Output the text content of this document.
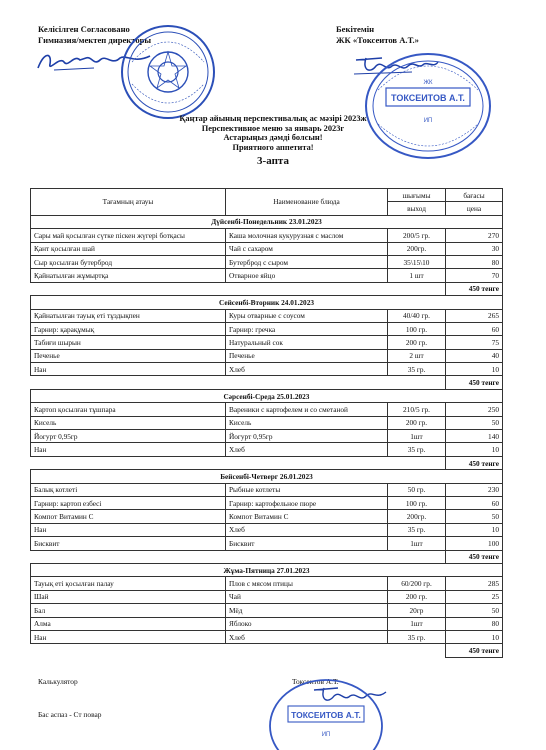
Келісілген Согласовано
Гимназия/мектеп директоры
Бекітемін
ЖК «Токсеитов А.Т.»
ЖК
ТОКСЕИТОВ А.Т.
ИП
Қаңтар айының перспективалық ас мәзірі 2023ж
Перспективное меню за январь 2023г
Астарыңыз дәмді болсын!
Приятного аппетита!
3-апта
Тағамның атауы	Наименование блюда	шығымы	бағасы
		выход	цена
Дүйсенбі-Понедельник 23.01.2023			
Сары май қосылған сүтке піскен жүгері ботқасы	Каша молочная кукурузная с маслом	200/5 гр.	270
Қант қосылған шай	Чай с сахаром	200гр.	30
Сыр қосылған бутерброд	Бутерброд с сыром	35\15\10	80
Қайнатылған жұмыртқа	Отварное яйцо	1 шт	70
			450 тенге
Сейсенбі-Вторник 24.01.2023			
Қайнатылған тауық еті тұздықпен	Куры отварные с соусом	40/40 гр.	265
Гарнир: қарақұмық	Гарнир: гречка	100 гр.	60
Табиғи шырын	Натуральный сок	200 гр.	75
Печенье	Печенье	2 шт	40
Нан	Хлеб	35 гр.	10
			450 тенге
Сәрсенбі-Среда 25.01.2023			
Картоп қосылған тұшпара	Вареники с картофелем и со сметаной	210/5 гр.	250
Кисель	Кисель	200 гр.	50
Йогурт 0,95гр	Йогурт 0,95гр	1шт	140
Нан	Хлеб	35 гр.	10
			450 тенге
Бейсенбі-Четверг 26.01.2023			
Балық котлеті	Рыбные котлеты	50 гр.	230
Гарнир: картоп езбесі	Гарнир: картофельное пюре	100 гр.	60
Компот Витамин С	Компот Витамин С	200гр.	50
Нан	Хлеб	35 гр.	10
Бисквит	Бисквит	1шт	100
			450 тенге
Жұма-Пятница 27.01.2023			
Тауық еті қосылған палау	Плов с мясом птицы	60/200 гр.	285
Шай	Чай	200 гр.	25
Бал	Мёд	20гр	50
Алма	Яблоко	1шт	80
Нан	Хлеб	35 гр.	10
			450 тенге
Калькулятор	Токсеитов А.Т.
Бас аспаз - Ст повар	ТОКСЕИТОВ А.Т.
ИП
